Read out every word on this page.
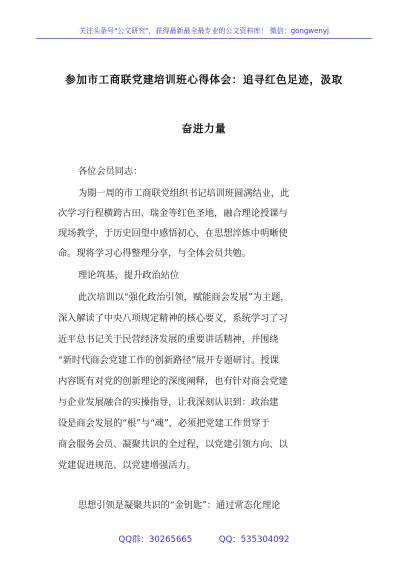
关注头条号"公文研究"，获得最新最全最专业的公文资料库！ 微信：gongwenyj
参加市工商联党建培训班心得体会：追寻红色足迹，汲取
奋进力量
各位会员同志：
为期一周的市工商联党组织书记培训班圆满结业，此
次学习行程横跨古田、瑞金等红色圣地，融合理论授课与
现场教学，于历史回望中感悟初心，在思想淬炼中明晰使
命。现将学习心得整理分享，与全体会员共勉。
理论筑基，提升政治站位
此次培训以“强化政治引领，赋能商会发展”为主题，
深入解读了中央八项规定精神的核心要义，系统学习了习
近平总书记关于民营经济发展的重要讲话精神，并围绕
“新时代商会党建工作的创新路径”展开专题研讨。授课
内容既有对党的创新理论的深度阐释，也有针对商会党建
与企业发展融合的实操指导，让我深刻认识到：政治建
设是商会发展的“根”与“魂”，必须把党建工作贯穿于
商会服务会员、凝聚共识的全过程，以党建引领方向、以
党建促进规范、以党建增强活力。
思想引领是凝聚共识的“金钥匙”：通过常态化理论
QQ群：30265665	QQ：535304092
